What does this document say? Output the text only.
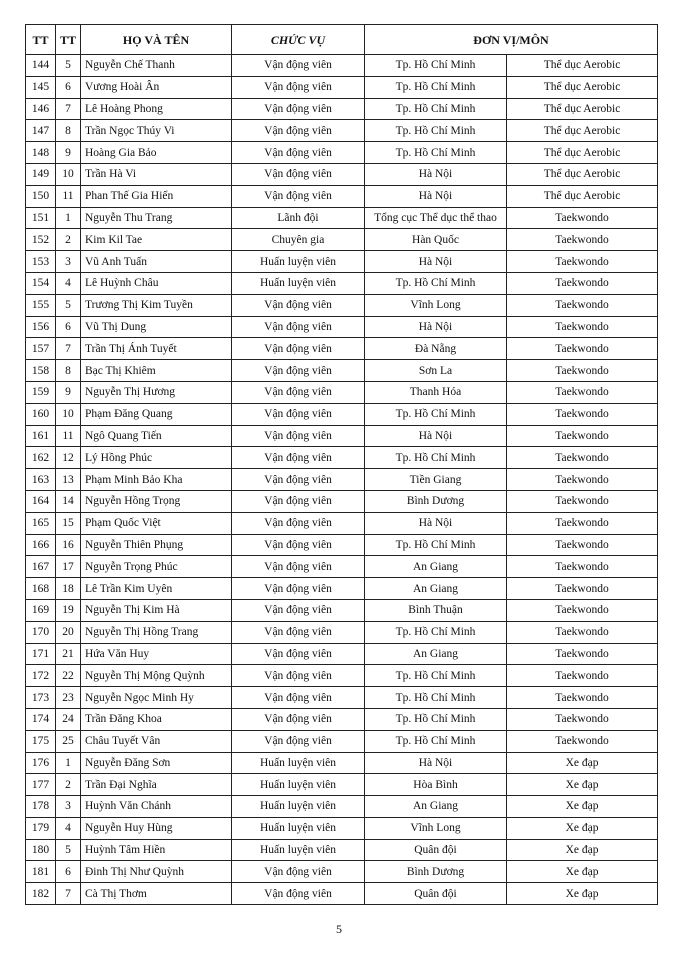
TT	TT	HỌ VÀ TÊN	CHỨC VỤ	ĐƠN VỊ/MÔN	
144	5	Nguyễn Chế Thanh	Vận động viên	Tp. Hồ Chí Minh	Thể dục Aerobic
145	6	Vương Hoài Ân	Vận động viên	Tp. Hồ Chí Minh	Thể dục Aerobic
146	7	Lê Hoàng Phong	Vận động viên	Tp. Hồ Chí Minh	Thể dục Aerobic
147	8	Trần Ngọc Thúy Vi	Vận động viên	Tp. Hồ Chí Minh	Thể dục Aerobic
148	9	Hoàng Gia Bảo	Vận động viên	Tp. Hồ Chí Minh	Thể dục Aerobic
149	10	Trần Hà Vi	Vận động viên	Hà Nội	Thể dục Aerobic
150	11	Phan Thế Gia Hiển	Vận động viên	Hà Nội	Thể dục Aerobic
151	1	Nguyễn Thu Trang	Lãnh đội	Tổng cục Thể dục thể thao	Taekwondo
152	2	Kim Kil Tae	Chuyên gia	Hàn Quốc	Taekwondo
153	3	Vũ Anh Tuấn	Huấn luyện viên	Hà Nội	Taekwondo
154	4	Lê Huỳnh Châu	Huấn luyện viên	Tp. Hồ Chí Minh	Taekwondo
155	5	Trương Thị Kim Tuyền	Vận động viên	Vĩnh Long	Taekwondo
156	6	Vũ Thị Dung	Vận động viên	Hà Nội	Taekwondo
157	7	Trần Thị Ánh Tuyết	Vận động viên	Đà Nẵng	Taekwondo
158	8	Bạc Thị Khiêm	Vận động viên	Sơn La	Taekwondo
159	9	Nguyễn Thị Hương	Vận động viên	Thanh Hóa	Taekwondo
160	10	Phạm Đăng Quang	Vận động viên	Tp. Hồ Chí Minh	Taekwondo
161	11	Ngô Quang Tiến	Vận động viên	Hà Nội	Taekwondo
162	12	Lý Hồng Phúc	Vận động viên	Tp. Hồ Chí Minh	Taekwondo
163	13	Phạm Minh Bảo Kha	Vận động viên	Tiền Giang	Taekwondo
164	14	Nguyễn Hồng Trọng	Vận động viên	Bình Dương	Taekwondo
165	15	Phạm Quốc Việt	Vận động viên	Hà Nội	Taekwondo
166	16	Nguyễn Thiên Phụng	Vận động viên	Tp. Hồ Chí Minh	Taekwondo
167	17	Nguyễn Trọng Phúc	Vận động viên	An Giang	Taekwondo
168	18	Lê Trần Kim Uyên	Vận động viên	An Giang	Taekwondo
169	19	Nguyễn Thị Kim Hà	Vận động viên	Bình Thuận	Taekwondo
170	20	Nguyễn Thị Hồng Trang	Vận động viên	Tp. Hồ Chí Minh	Taekwondo
171	21	Hứa Văn Huy	Vận động viên	An Giang	Taekwondo
172	22	Nguyễn Thị Mộng Quỳnh	Vận động viên	Tp. Hồ Chí Minh	Taekwondo
173	23	Nguyễn Ngọc Minh Hy	Vận động viên	Tp. Hồ Chí Minh	Taekwondo
174	24	Trần Đăng Khoa	Vận động viên	Tp. Hồ Chí Minh	Taekwondo
175	25	Châu Tuyết Vân	Vận động viên	Tp. Hồ Chí Minh	Taekwondo
176	1	Nguyễn Đăng Sơn	Huấn luyện viên	Hà Nội	Xe đạp
177	2	Trần Đại Nghĩa	Huấn luyện viên	Hòa Bình	Xe đạp
178	3	Huỳnh Văn Chánh	Huấn luyện viên	An Giang	Xe đạp
179	4	Nguyễn Huy Hùng	Huấn luyện viên	Vĩnh Long	Xe đạp
180	5	Huỳnh Tâm Hiền	Huấn luyện viên	Quân đội	Xe đạp
181	6	Đinh Thị Như Quỳnh	Vận động viên	Bình Dương	Xe đạp
182	7	Cà Thị Thơm	Vận động viên	Quân đội	Xe đạp
5
